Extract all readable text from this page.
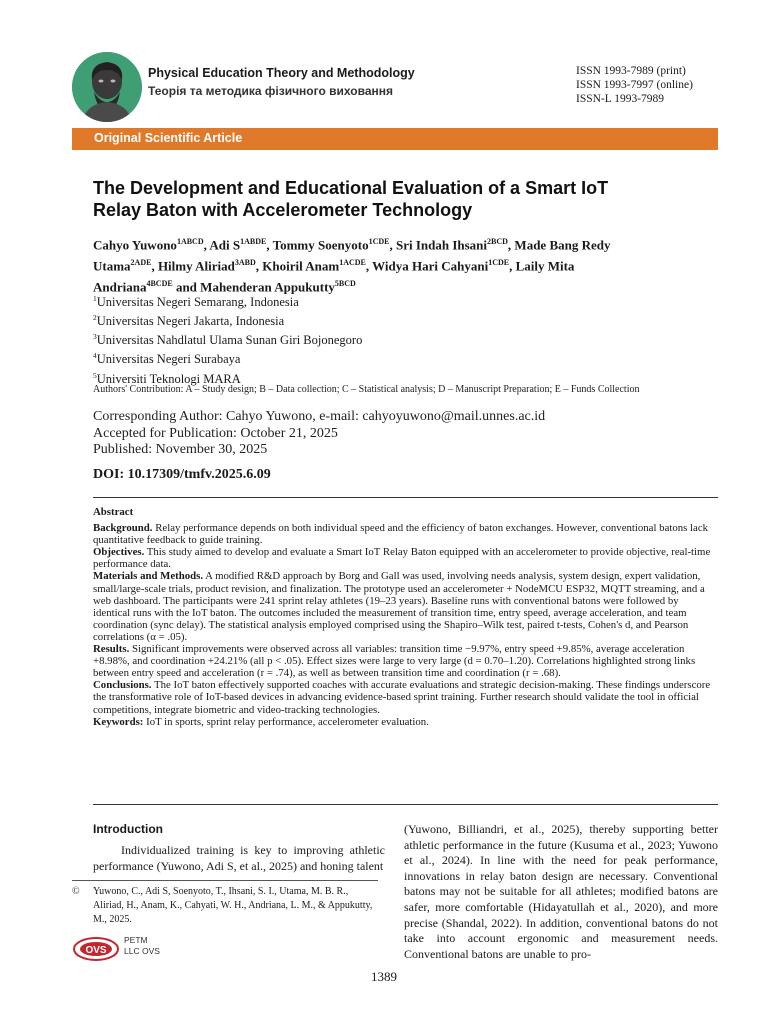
Physical Education Theory and Methodology
Теорія та методика фізичного виховання
ISSN 1993-7989 (print)
ISSN 1993-7997 (online)
ISSN-L 1993-7989
Original Scientific Article
The Development and Educational Evaluation of a Smart IoT Relay Baton with Accelerometer Technology

Cahyo Yuwono$^{1ABCD}$, Adi $S^{1ABDE}$, Tommy Soenyoto$^{1CDE}$, Sri Indah Ihsani$^{2BCD}$, Made Bang Redy Utama$^{2ADE}$, Hilmy Aliriad$^{3ABD}$, Khoiril Anam$^{1ACDE}$, Widya Hari Cahyani$^{1CDE}$, Laily Mita Andriana$^{4BCDE}$ and Mahenderan Appukutty$^{5BCD}$

$^1$Universitas Negeri Semarang, Indonesia
$^2$Universitas Negeri Jakarta, Indonesia
$^3$Universitas Nahdlatul Ulama Sunan Giri Bojonegoro
$^4$Universitas Negeri Surabaya
$^5$Universiti Teknologi MARA
Authors' Contribution: A – Study design; B – Data collection; C – Statistical analysis; D – Manuscript Preparation; E – Funds Collection
Corresponding Author: Cahyo Yuwono, e-mail: cahyoyuwono@mail.unnes.ac.id
Accepted for Publication: October 21, 2025
Published: November 30, 2025
DOI: 10.17309/tmfv.2025.6.09

Abstract

Background. Relay performance depends on both individual speed and the efficiency of baton exchanges. However, conventional batons lack quantitative feedback to guide training.

Objectives. This study aimed to develop and evaluate a Smart IoT Relay Baton equipped with an accelerometer to provide objective, real-time performance data.

Materials and Methods. A modified R&D approach by Borg and Gall was used, involving needs analysis, system design, expert validation, small/large-scale trials, product revision, and finalization. The prototype used an accelerometer + NodeMCU ESP32, MQTT streaming, and a web dashboard. The participants were 241 sprint relay athletes (19–23 years). Baseline runs with conventional batons were followed by identical runs with the IoT baton. The outcomes included the measurement of transition time, entry speed, average acceleration, and team coordination (sync delay). The statistical analysis employed comprised using the Shapiro–Wilk test, paired t-tests, Cohen's d, and Pearson correlations (α = .05).

Results. Significant improvements were observed across all variables: transition time −9.97%, entry speed +9.85%, average acceleration +8.98%, and coordination +24.21% (all p < .05). Effect sizes were large to very large (d = 0.70–1.20). Correlations highlighted strong links between entry speed and acceleration (r = .74), as well as between transition time and coordination (r = .68).

Conclusions. The IoT baton effectively supported coaches with accurate evaluations and strategic decision-making. These findings underscore the transformative role of IoT-based devices in advancing evidence-based sprint training. Further research should validate the tool in official competitions, integrate biometric and video-tracking technologies.

Keywords: IoT in sports, sprint relay performance, accelerometer evaluation.

Introduction

Individualized training is key to improving athletic performance (Yuwono, Adi S, et al., 2025) and honing talent

(Yuwono, Billiandri, et al., 2025), thereby supporting better athletic performance in the future (Kusuma et al., 2023; Yuwono et al., 2024). In line with the need for peak performance, innovations in relay baton design are necessary. Conventional batons may not be suitable for all athletes; modified batons are safer, more comfortable (Hidayatullah et al., 2020), and more precise (Shandal, 2022). In addition, conventional batons do not take into account ergonomic and measurement needs. Conventional batons are unable to pro-

© Yuwono, C., Adi S, Soenyoto, T., Ihsani, S. I., Utama, M. B. R., Aliriad, H., Anam, K., Cahyati, W. H., Andriana, L. M., & Appukutty, M., 2025.
OVS
PETM
LLC OVS
1389
